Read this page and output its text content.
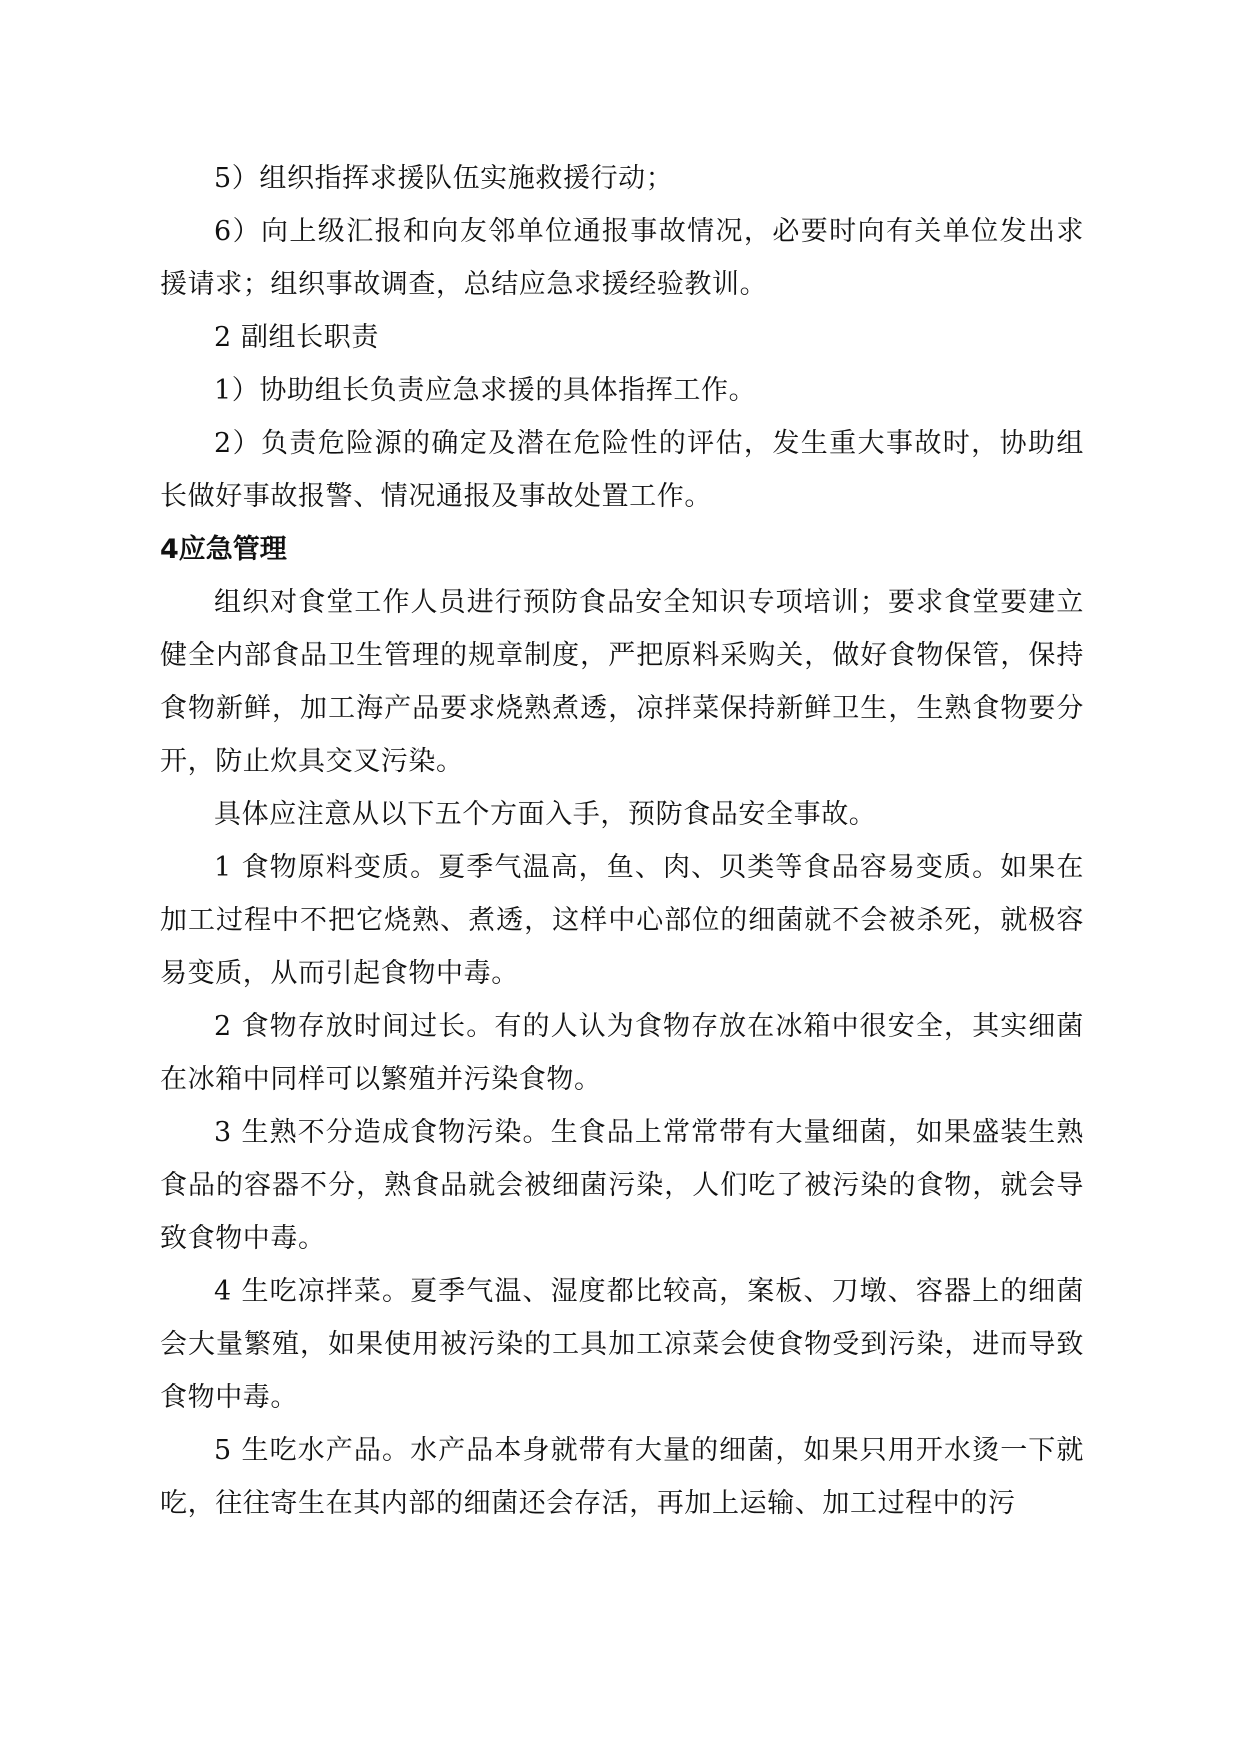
5）组织指挥求援队伍实施救援行动；

6）向上级汇报和向友邻单位通报事故情况，必要时向有关单位发出求援请求；组织事故调查，总结应急求援经验教训。

2 副组长职责

1）协助组长负责应急求援的具体指挥工作。

2）负责危险源的确定及潜在危险性的评估，发生重大事故时，协助组长做好事故报警、情况通报及事故处置工作。

4应急管理

组织对食堂工作人员进行预防食品安全知识专项培训；要求食堂要建立健全内部食品卫生管理的规章制度，严把原料采购关，做好食物保管，保持食物新鲜，加工海产品要求烧熟煮透，凉拌菜保持新鲜卫生，生熟食物要分开，防止炊具交叉污染。

具体应注意从以下五个方面入手，预防食品安全事故。

1 食物原料变质。夏季气温高，鱼、肉、贝类等食品容易变质。如果在加工过程中不把它烧熟、煮透，这样中心部位的细菌就不会被杀死，就极容易变质，从而引起食物中毒。

2 食物存放时间过长。有的人认为食物存放在冰箱中很安全，其实细菌在冰箱中同样可以繁殖并污染食物。

3 生熟不分造成食物污染。生食品上常常带有大量细菌，如果盛装生熟食品的容器不分，熟食品就会被细菌污染，人们吃了被污染的食物，就会导致食物中毒。

4 生吃凉拌菜。夏季气温、湿度都比较高，案板、刀墩、容器上的细菌会大量繁殖，如果使用被污染的工具加工凉菜会使食物受到污染，进而导致食物中毒。

5 生吃水产品。水产品本身就带有大量的细菌，如果只用开水烫一下就吃，往往寄生在其内部的细菌还会存活，再加上运输、加工过程中的污
